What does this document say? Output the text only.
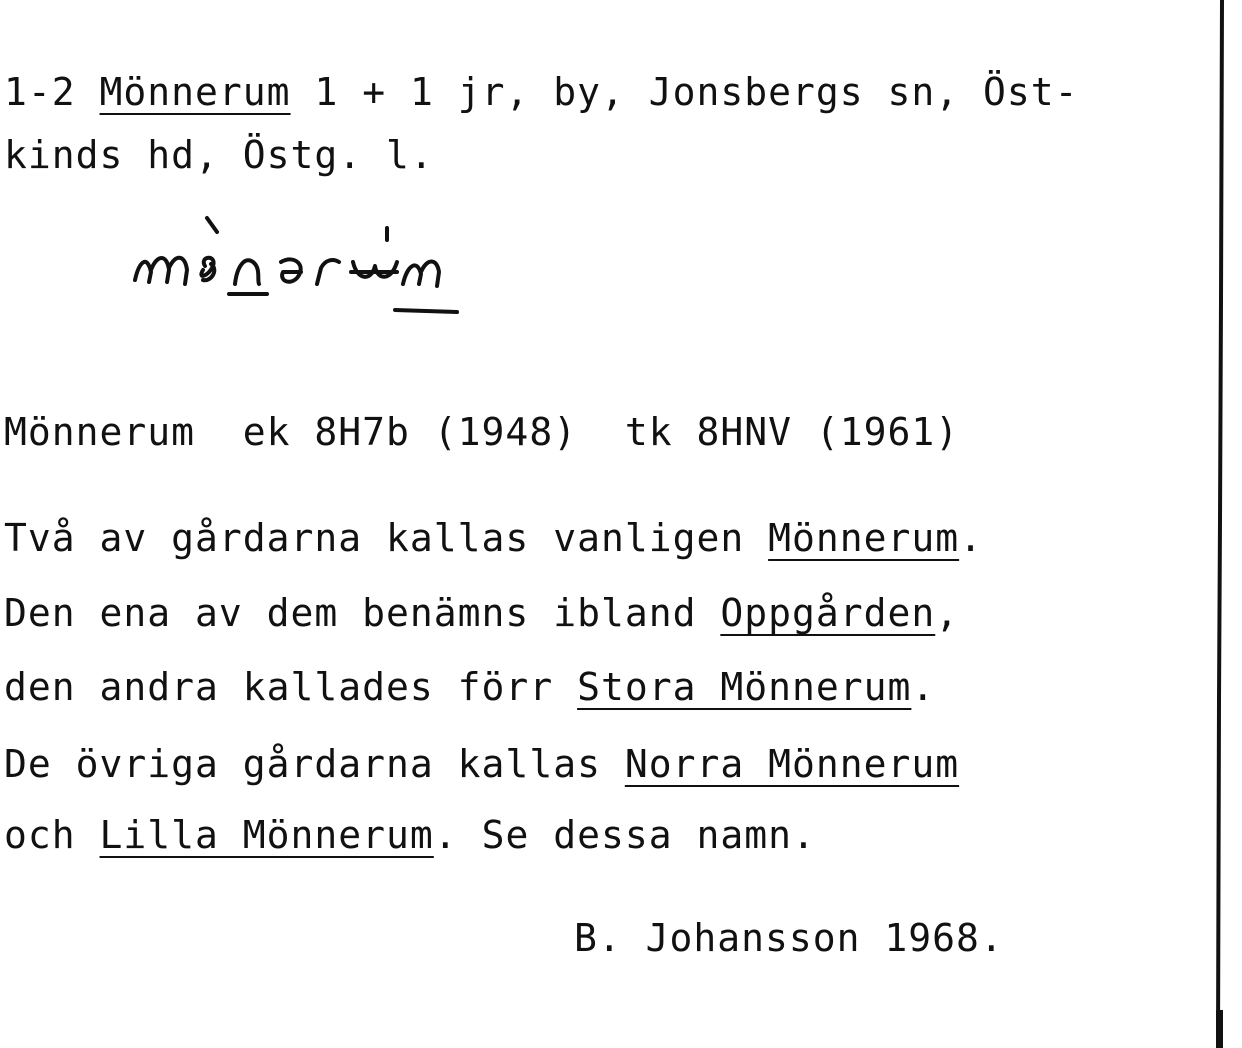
1-2 Mönnerum 1 + 1 jr, by, Jonsbergs sn, Öst-
kinds hd, Östg. l.
Mönnerum  ek 8H7b (1948)  tk 8HNV (1961)
Två av gårdarna kallas vanligen Mönnerum.
Den ena av dem benämns ibland Oppgården,
den andra kallades förr Stora Mönnerum.
De övriga gårdarna kallas Norra Mönnerum
och Lilla Mönnerum. Se dessa namn.
B. Johansson 1968.
